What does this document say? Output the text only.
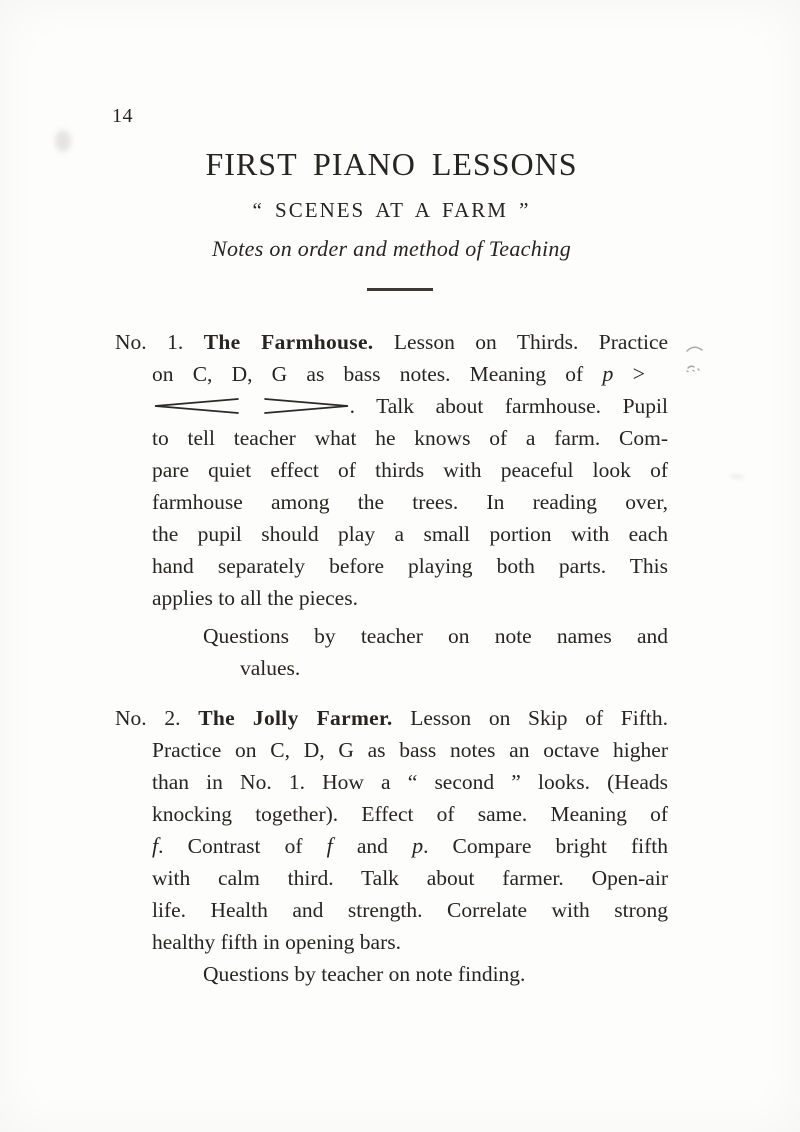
14
FIRST PIANO LESSONS
“ SCENES AT A FARM ”
Notes on order and method of Teaching
No. 1. The Farmhouse. Lesson on Thirds. Practice
on C, D, G as bass notes. Meaning of p >
. Talk about farmhouse. Pupil
to tell teacher what he knows of a farm. Com-
pare quiet effect of thirds with peaceful look of
farmhouse among the trees. In reading over,
the pupil should play a small portion with each
hand separately before playing both parts. This
applies to all the pieces.
Questions by teacher on note names and
values.
No. 2. The Jolly Farmer. Lesson on Skip of Fifth.
Practice on C, D, G as bass notes an octave higher
than in No. 1. How a “ second ” looks. (Heads
knocking together). Effect of same. Meaning of
f. Contrast of f and p. Compare bright fifth
with calm third. Talk about farmer. Open-air
life. Health and strength. Correlate with strong
healthy fifth in opening bars.
Questions by teacher on note finding.
